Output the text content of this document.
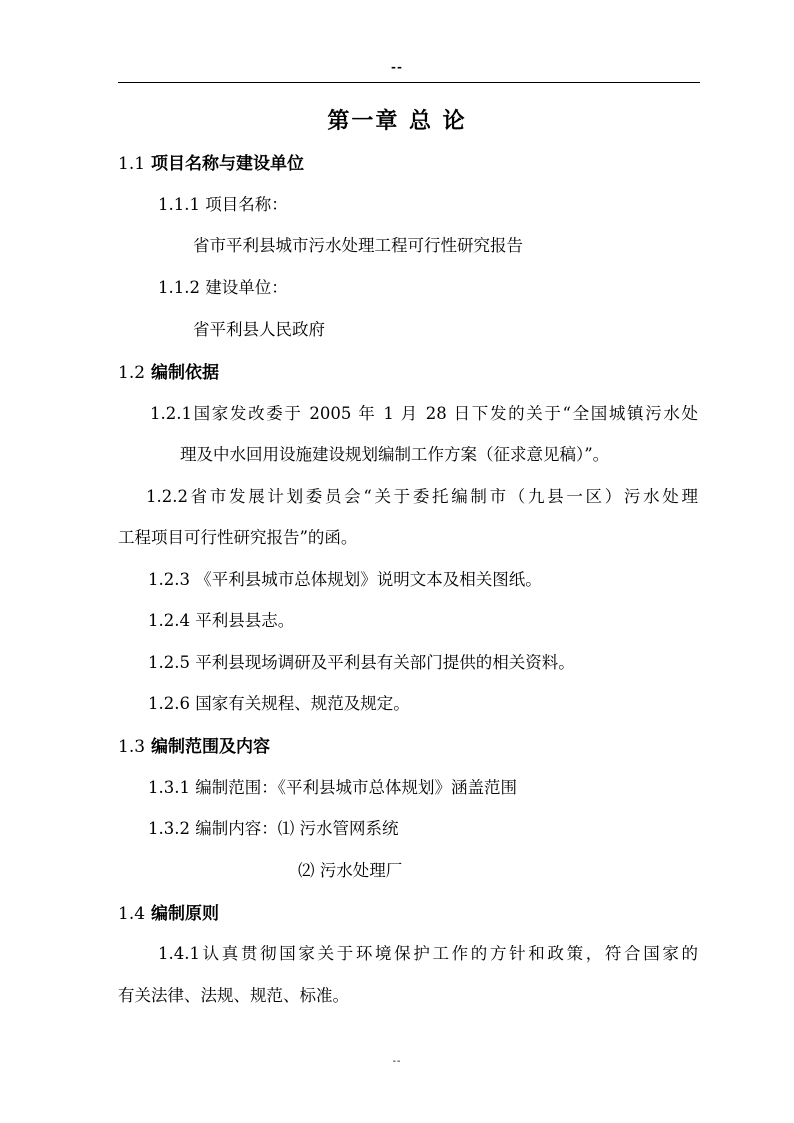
--
第一章 总 论
1.1 项目名称与建设单位
1.1.1 项目名称：
省市平利县城市污水处理工程可行性研究报告
1.1.2 建设单位：
省平利县人民政府
1.2 编制依据
1.2.1国家发改委于 2005 年 1 月 28 日下发的关于“全国城镇污水处
理及中水回用设施建设规划编制工作方案（征求意见稿）”。
1.2.2省市发展计划委员会“关于委托编制市（九县一区）污水处理
工程项目可行性研究报告”的函。
1.2.3 《平利县城市总体规划》说明文本及相关图纸。
1.2.4 平利县县志。
1.2.5 平利县现场调研及平利县有关部门提供的相关资料。
1.2.6 国家有关规程、规范及规定。
1.3 编制范围及内容
1.3.1 编制范围：《平利县城市总体规划》涵盖范围
1.3.2 编制内容：⑴ 污水管网系统
⑵ 污水处理厂
1.4 编制原则
1.4.1认真贯彻国家关于环境保护工作的方针和政策，符合国家的
有关法律、法规、规范、标准。
--
